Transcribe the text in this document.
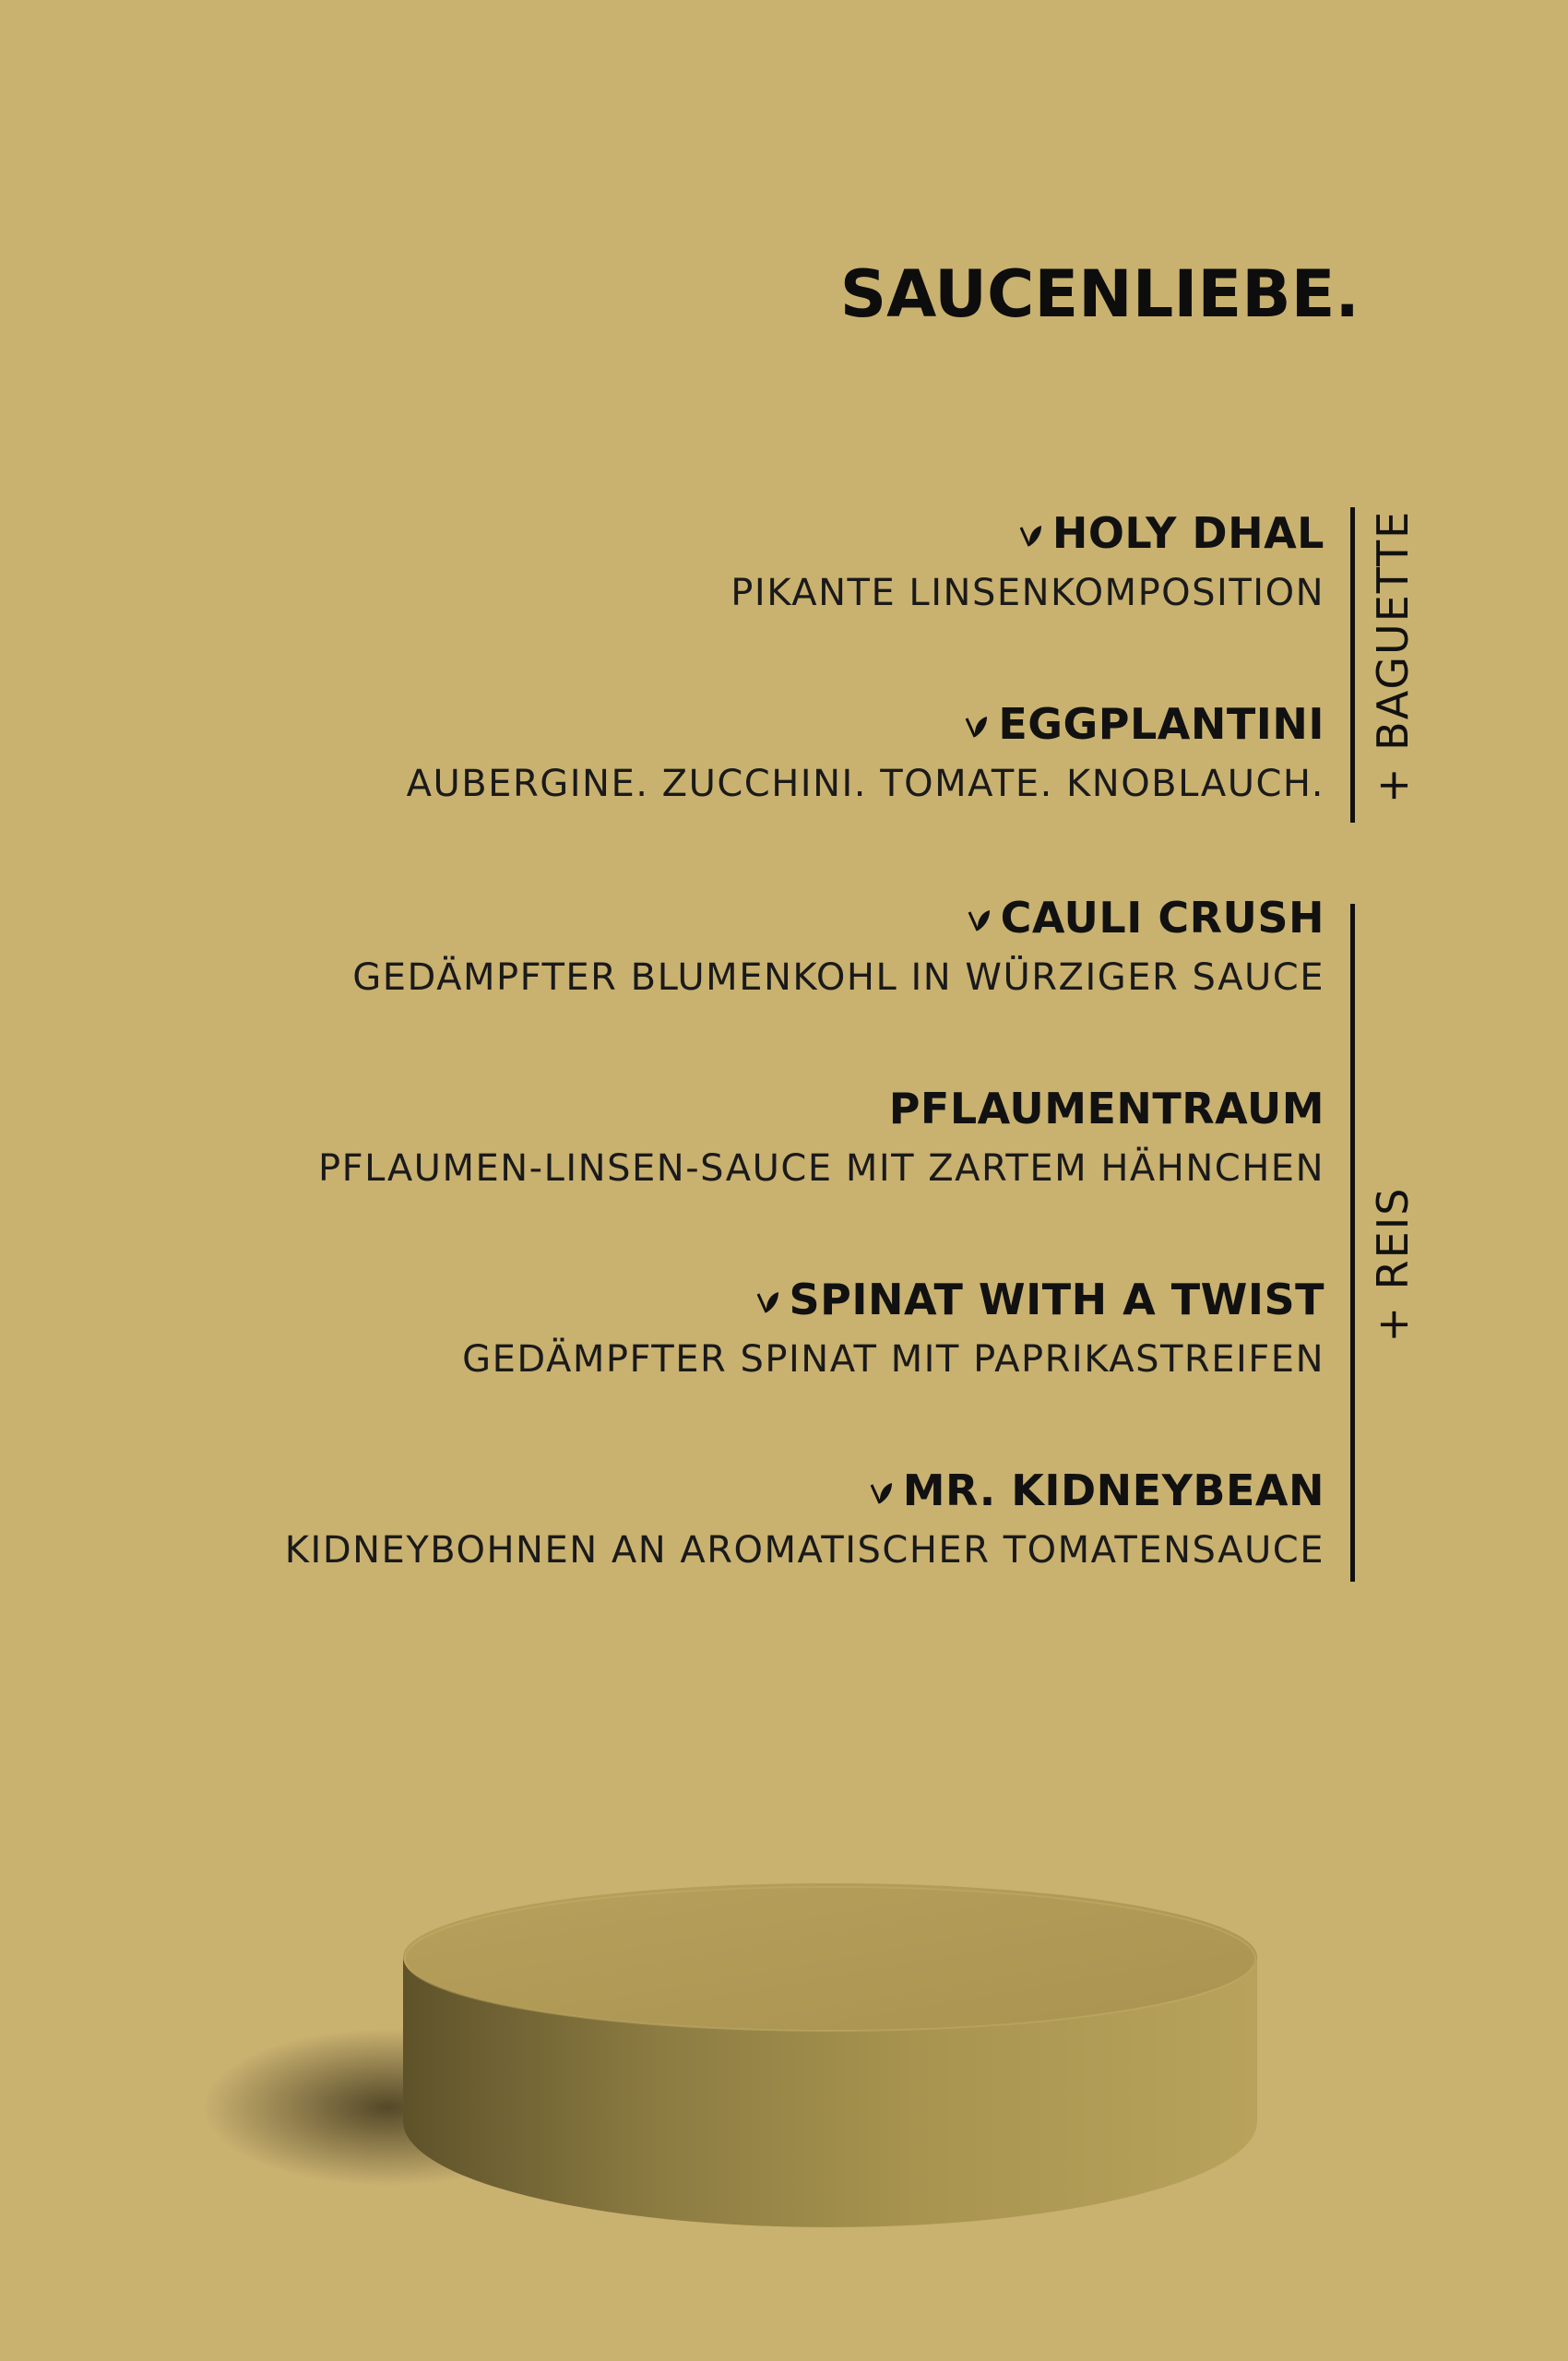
SAUCENLIEBE.
HOLY DHAL
PIKANTE LINSENKOMPOSITION
EGGPLANTINI
AUBERGINE. ZUCCHINI. TOMATE. KNOBLAUCH. + BAGUETTE
CAULI CRUSH
GEDÄMPFTER BLUMENKOHL IN WÜRZIGER SAUCE
PFLAUMENTRAUM
PFLAUMEN-LINSEN-SAUCE MIT ZARTEM HÄHNCHEN
SPINAT WITH A TWIST
GEDÄMPFTER SPINAT MIT PAPRIKASTREIFEN
MR. KIDNEYBEAN
KIDNEYBOHNEN AN AROMATISCHER TOMATENSAUCE
+ REIS
